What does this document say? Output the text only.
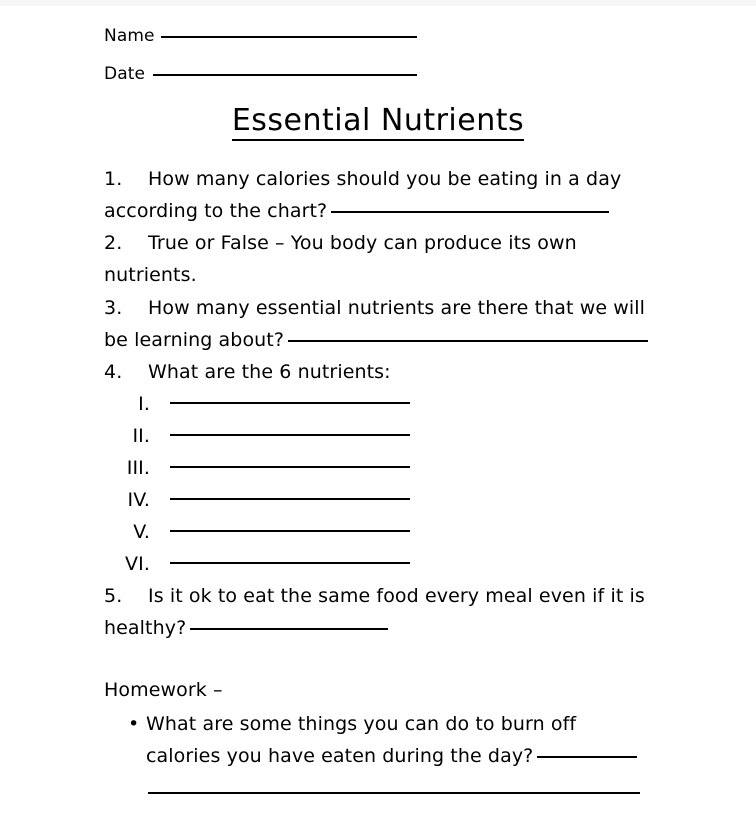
Name
Date
Essential Nutrients
1. How many calories should you be eating in a day according to the chart?
2. True or False – You body can produce its own nutrients.
3. How many essential nutrients are there that we will be learning about?
4. What are the 6 nutrients:
I.
II.
III.
IV.
V.
VI.
5. Is it ok to eat the same food every meal even if it is healthy?
Homework –
• What are some things you can do to burn off calories you have eaten during the day?
